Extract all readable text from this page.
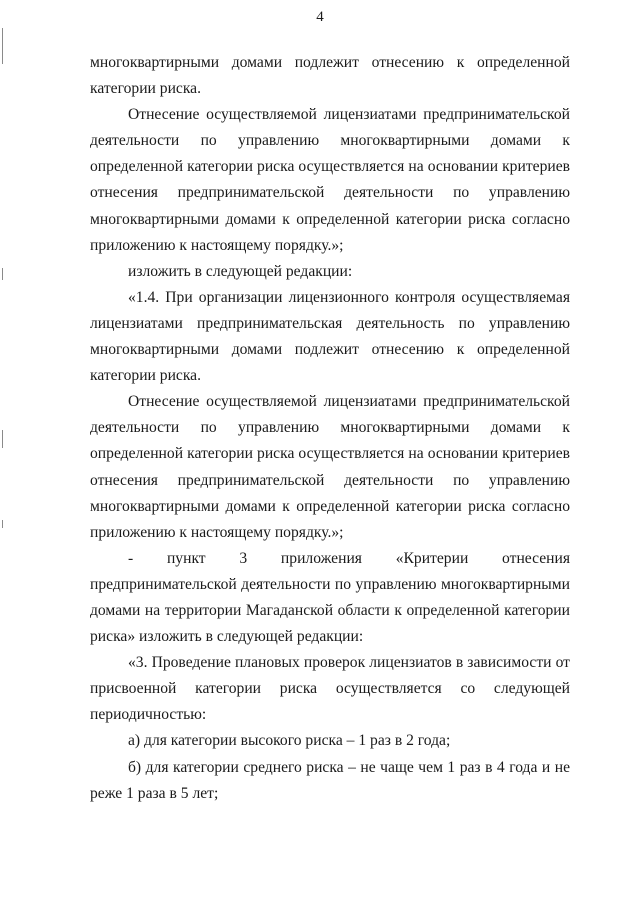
4

многоквартирными домами подлежит отнесению к определенной категории риска.

Отнесение осуществляемой лицензиатами предпринимательской деятельности по управлению многоквартирными домами к определенной категории риска осуществляется на основании критериев отнесения предпринимательской деятельности по управлению многоквартирными домами к определенной категории риска согласно приложению к настоящему порядку.»;

изложить в следующей редакции:

«1.4. При организации лицензионного контроля осуществляемая лицензиатами предпринимательская деятельность по управлению многоквартирными домами подлежит отнесению к определенной категории риска.

Отнесение осуществляемой лицензиатами предпринимательской деятельности по управлению многоквартирными домами к определенной категории риска осуществляется на основании критериев отнесения предпринимательской деятельности по управлению многоквартирными домами к определенной категории риска согласно приложению к настоящему порядку.»;

- пункт 3 приложения «Критерии отнесения предпринимательской деятельности по управлению многоквартирными домами на территории Магаданской области к определенной категории риска» изложить в следующей редакции:

«3. Проведение плановых проверок лицензиатов в зависимости от присвоенной категории риска осуществляется со следующей периодичностью:

а) для категории высокого риска – 1 раз в 2 года;

б) для категории среднего риска – не чаще чем 1 раз в 4 года и не реже 1 раза в 5 лет;
